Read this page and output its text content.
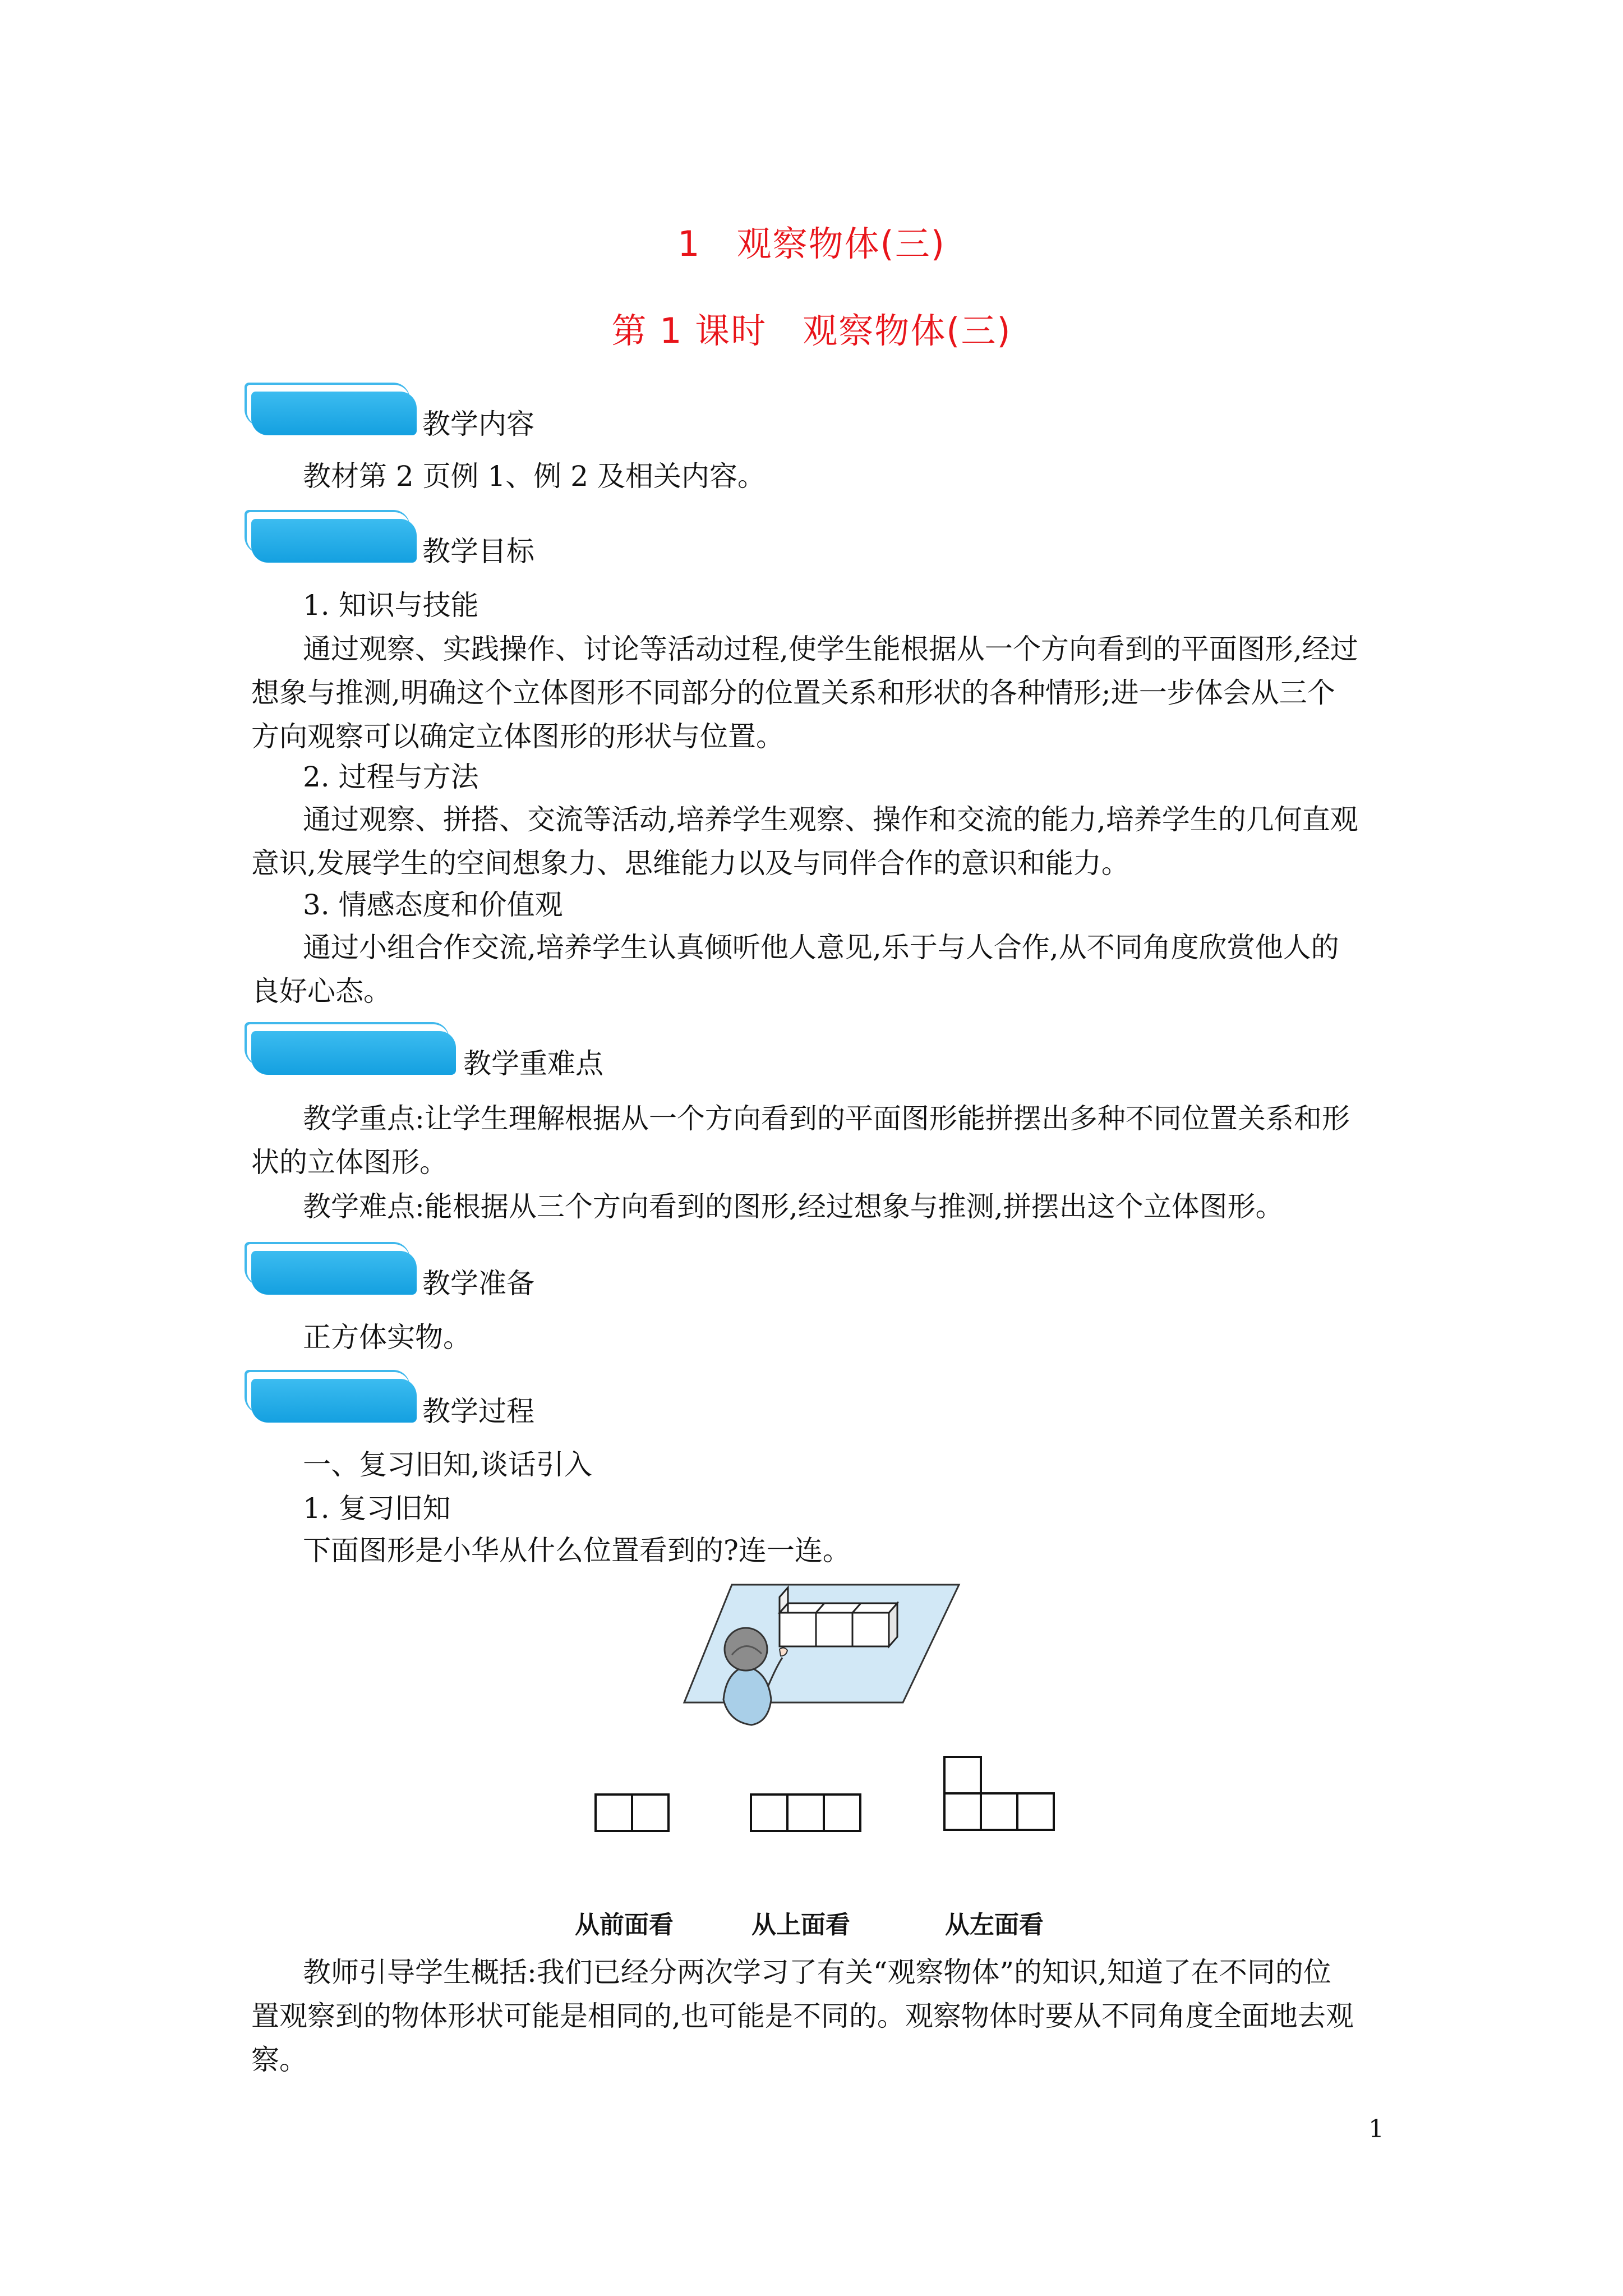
1　观察物体(三)
第 1 课时　观察物体(三)
教学内容
教材第 2 页例 1、例 2 及相关内容。
教学目标
1. 知识与技能
通过观察、实践操作、讨论等活动过程,使学生能根据从一个方向看到的平面图形,经过
想象与推测,明确这个立体图形不同部分的位置关系和形状的各种情形;进一步体会从三个
方向观察可以确定立体图形的形状与位置。
2. 过程与方法
通过观察、拼搭、交流等活动,培养学生观察、操作和交流的能力,培养学生的几何直观
意识,发展学生的空间想象力、思维能力以及与同伴合作的意识和能力。
3. 情感态度和价值观
通过小组合作交流,培养学生认真倾听他人意见,乐于与人合作,从不同角度欣赏他人的
良好心态。
教学重难点
教学重点:让学生理解根据从一个方向看到的平面图形能拼摆出多种不同位置关系和形
状的立体图形。
教学难点:能根据从三个方向看到的图形,经过想象与推测,拼摆出这个立体图形。
教学准备
正方体实物。
教学过程
一、复习旧知,谈话引入
1. 复习旧知
下面图形是小华从什么位置看到的?连一连。
从前面看	从上面看	从左面看
教师引导学生概括:我们已经分两次学习了有关“观察物体”的知识,知道了在不同的位
置观察到的物体形状可能是相同的,也可能是不同的。观察物体时要从不同角度全面地去观
察。
1
